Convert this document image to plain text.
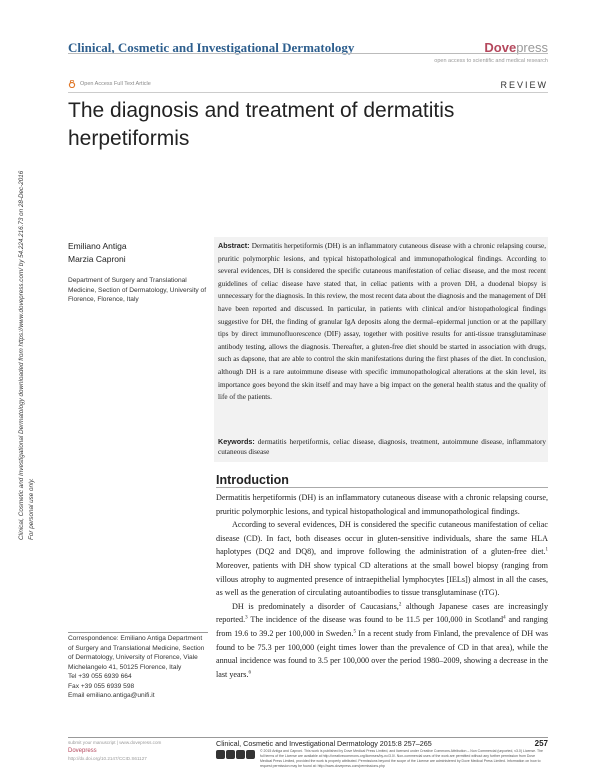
Clinical, Cosmetic and Investigational Dermatology	Dovepress
open access to scientific and medical research
Open Access Full Text Article	REVIEW
The diagnosis and treatment of dermatitis herpetiformis
Clinical, Cosmetic and Investigational Dermatology downloaded from https://www.dovepress.com/ by 54.224.216.73 on 28-Dec-2016 For personal use only.
Emiliano Antiga
Marzia Caproni
Department of Surgery and Translational Medicine, Section of Dermatology, University of Florence, Florence, Italy
Abstract: Dermatitis herpetiformis (DH) is an inflammatory cutaneous disease with a chronic relapsing course, pruritic polymorphic lesions, and typical histopathological and immunopathological findings. According to several evidences, DH is considered the specific cutaneous manifestation of celiac disease, and the most recent guidelines of celiac disease have stated that, in celiac patients with a proven DH, a duodenal biopsy is unnecessary for the diagnosis. In this review, the most recent data about the diagnosis and the management of DH have been reported and discussed. In particular, in patients with clinical and/or histopathological findings suggestive for DH, the finding of granular IgA deposits along the dermal–epidermal junction or at the papillary tips by direct immunofluorescence (DIF) assay, together with positive results for anti-tissue transglutaminase antibody testing, allows the diagnosis. Thereafter, a gluten-free diet should be started in association with drugs, such as dapsone, that are able to control the skin manifestations during the first phases of the diet. In conclusion, although DH is a rare autoimmune disease with specific immunopathological alterations at the skin level, its importance goes beyond the skin itself and may have a big impact on the general health status and the quality of life of the patients.
Keywords: dermatitis herpetiformis, celiac disease, diagnosis, treatment, autoimmune disease, inflammatory cutaneous disease
Introduction

Dermatitis herpetiformis (DH) is an inflammatory cutaneous disease with a chronic relapsing course, pruritic polymorphic lesions, and typical histopathological and immunopathological findings.

According to several evidences, DH is considered the specific cutaneous manifestation of celiac disease (CD). In fact, both diseases occur in gluten-sensitive individuals, share the same HLA haplotypes (DQ2 and DQ8), and improve following the administration of a gluten-free diet.$^1$ Moreover, patients with DH show typical CD alterations at the small bowel biopsy (ranging from villous atrophy to augmented presence of intraepithelial lymphocytes [IELs]) almost in all the cases, as well as the generation of circulating autoantibodies to tissue transglutaminase (tTG).

DH is predominately a disorder of Caucasians,$^2$ although Japanese cases are increasingly reported.$^3$ The incidence of the disease was found to be 11.5 per 100,000 in Scotland$^4$ and ranging from 19.6 to 39.2 per 100,000 in Sweden.$^5$ In a recent study from Finland, the prevalence of DH was found to be 75.3 per 100,000 (eight times lower than the prevalence of CD in that area), while the annual incidence was found to 3.5 per 100,000 over the period 1980–2009, showing a decrease in the last years.$^6$

Correspondence: Emiliano Antiga Department of Surgery and Translational Medicine, Section of Dermatology, University of Florence, Viale Michelangelo 41, 50125 Florence, Italy
Tel +39 055 6939 664
Fax +39 055 6939 598
Email emiliano.antiga@unifi.it
submit your manuscript | www.dovepress.com
Dovepress
http://dx.doi.org/10.2147/CCID.S61127
Clinical, Cosmetic and Investigational Dermatology 2015:8 257–265	257
© 2015 Antiga and Caproni. This work is published by Dove Medical Press Limited, and licensed under Creative Commons Attribution – Non Commercial (unported, v3.0) License. The full terms of the License are available at http://creativecommons.org/licenses/by-nc/3.0/. Non-commercial uses of the work are permitted without any further permission from Dove Medical Press Limited, provided the work is properly attributed. Permissions beyond the scope of the License are administered by Dove Medical Press Limited. Information on how to request permission may be found at: http://www.dovepress.com/permissions.php
